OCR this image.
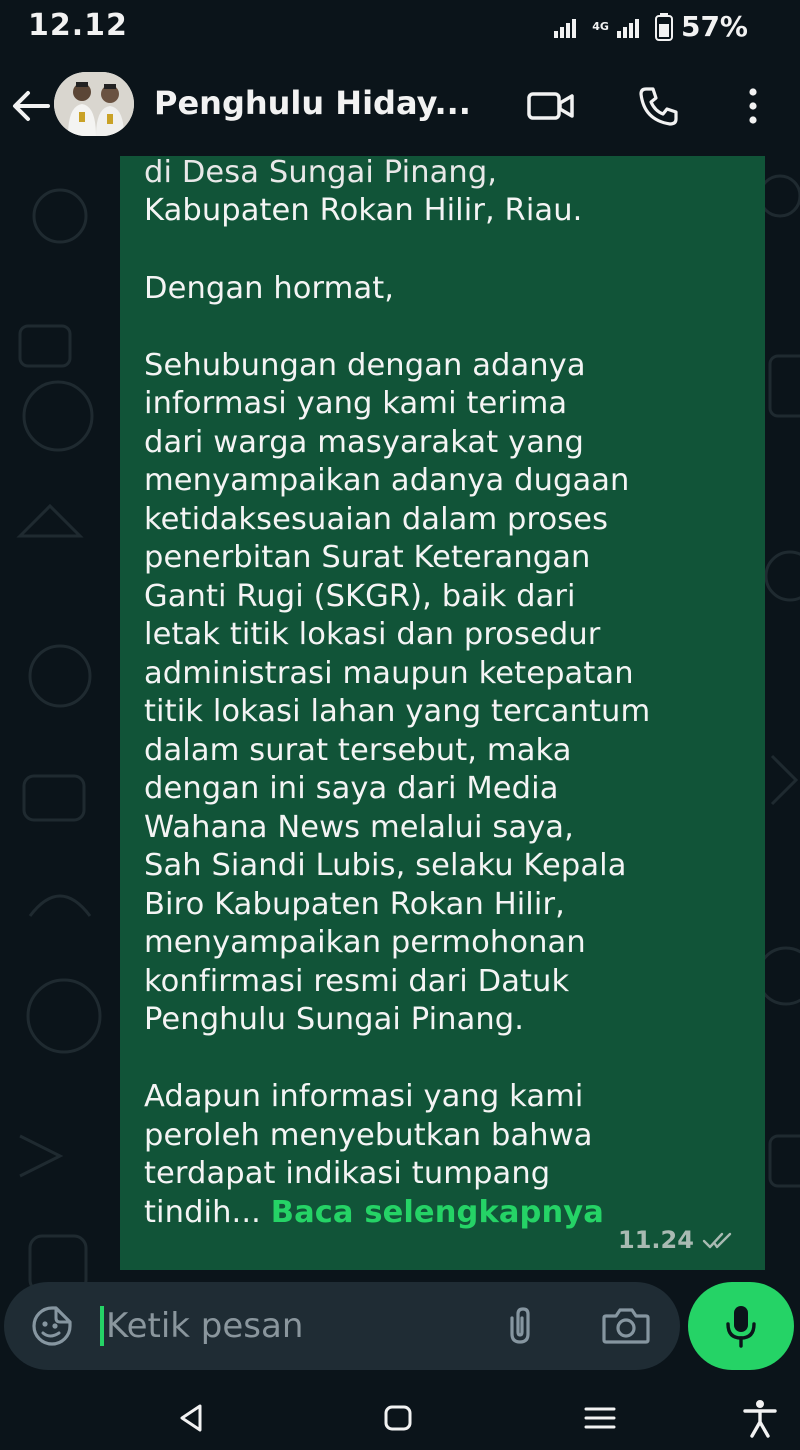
12.12	4G	57%
Penghulu Hiday...
di Desa Sungai Pinang,
Kabupaten Rokan Hilir, Riau.
Dengan hormat,
Sehubungan dengan adanya
informasi yang kami terima
dari warga masyarakat yang
menyampaikan adanya dugaan
ketidaksesuaian dalam proses
penerbitan Surat Keterangan
Ganti Rugi (SKGR), baik dari
letak titik lokasi dan prosedur
administrasi maupun ketepatan
titik lokasi lahan yang tercantum
dalam surat tersebut, maka
dengan ini saya dari Media
Wahana News melalui saya,
Sah Siandi Lubis, selaku Kepala
Biro Kabupaten Rokan Hilir,
menyampaikan permohonan
konfirmasi resmi dari Datuk
Penghulu Sungai Pinang.
Adapun informasi yang kami
peroleh menyebutkan bahwa
terdapat indikasi tumpang
tindih... Baca selengkapnya
11.24
Ketik pesan
